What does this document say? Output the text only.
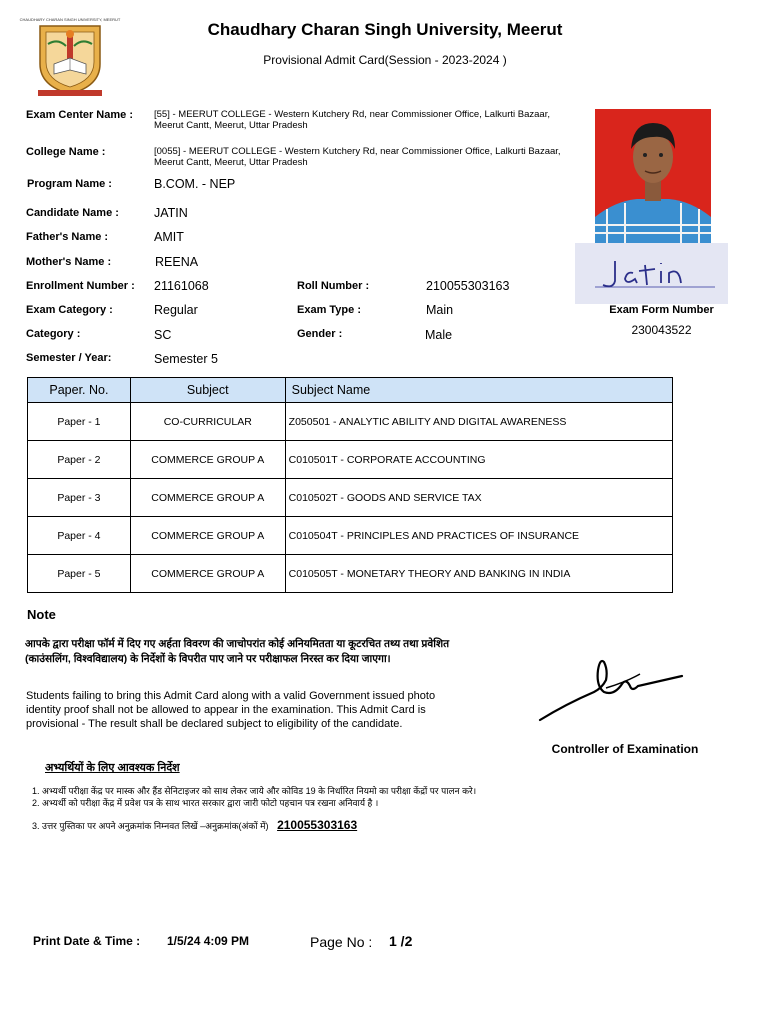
CHAUDHARY CHARAN SINGH UNIVERSITY, MEERUT
Chaudhary Charan Singh University, Meerut
Provisional Admit Card(Session - 2023-2024 )
Exam Center Name : [55] - MEERUT COLLEGE - Western Kutchery Rd, near Commissioner Office, Lalkurti Bazaar, Meerut Cantt, Meerut, Uttar Pradesh
College Name :	[0055] - MEERUT COLLEGE - Western Kutchery Rd, near Commissioner Office, Lalkurti Bazaar, Meerut Cantt, Meerut, Uttar Pradesh
Program Name :	B.COM. - NEP
Candidate Name :	JATIN
Father's Name :	AMIT
Mother's Name :	REENA
Enrollment Number : 21161068	Roll Number :	210055303163
Exam Category :	Regular	Exam Type :	Main
Category :	SC	Gender :	Male
Semester / Year:	Semester 5
Exam Form Number
230043522
Paper. No.	Subject	Subject Name
Paper - 1	CO-CURRICULAR	Z050501 - ANALYTIC ABILITY AND DIGITAL AWARENESS
Paper - 2	COMMERCE GROUP A	C010501T - CORPORATE ACCOUNTING
Paper - 3	COMMERCE GROUP A	C010502T - GOODS AND SERVICE TAX
Paper - 4	COMMERCE GROUP A	C010504T - PRINCIPLES AND PRACTICES OF INSURANCE
Paper - 5	COMMERCE GROUP A	C010505T - MONETARY THEORY AND BANKING IN INDIA
Note
आपके द्वारा परीक्षा फॉर्म में दिए गए अर्हता विवरण की जाचोपरांत कोई अनियमितता या कूटरचित तथ्य तथा प्रवेशित (काउंसलिंग, विश्वविद्यालय) के निर्देशों के विपरीत पाए जाने पर परीक्षाफल निरस्त कर दिया जाएगा।
Students failing to bring this Admit Card along with a valid Government issued photo identity proof shall not be allowed to appear in the examination. This Admit Card is provisional - The result shall be declared subject to eligibility of the candidate.
Controller of Examination
अभ्यर्थियों के लिए आवश्यक निर्देश
1. अभ्यर्थी परीक्षा केंद्र पर मास्क और हैंड सेनिटाइजर को साथ लेकर जाये और कोविड 19 के निर्धारित नियमो का परीक्षा केंद्रों पर पालन करे।
2. अभ्यर्थी को परीक्षा केंद्र में प्रवेश पत्र के साथ भारत सरकार द्वारा जारी फोटो पहचान पत्र रखना अनिवार्य है ।
3. उत्तर पुस्तिका पर अपने अनुक्रमांक निम्नवत लिखें –अनुक्रमांक(अंकों में) 210055303163
Print Date & Time : 1/5/24 4:09 PM	Page No : 1 /2
